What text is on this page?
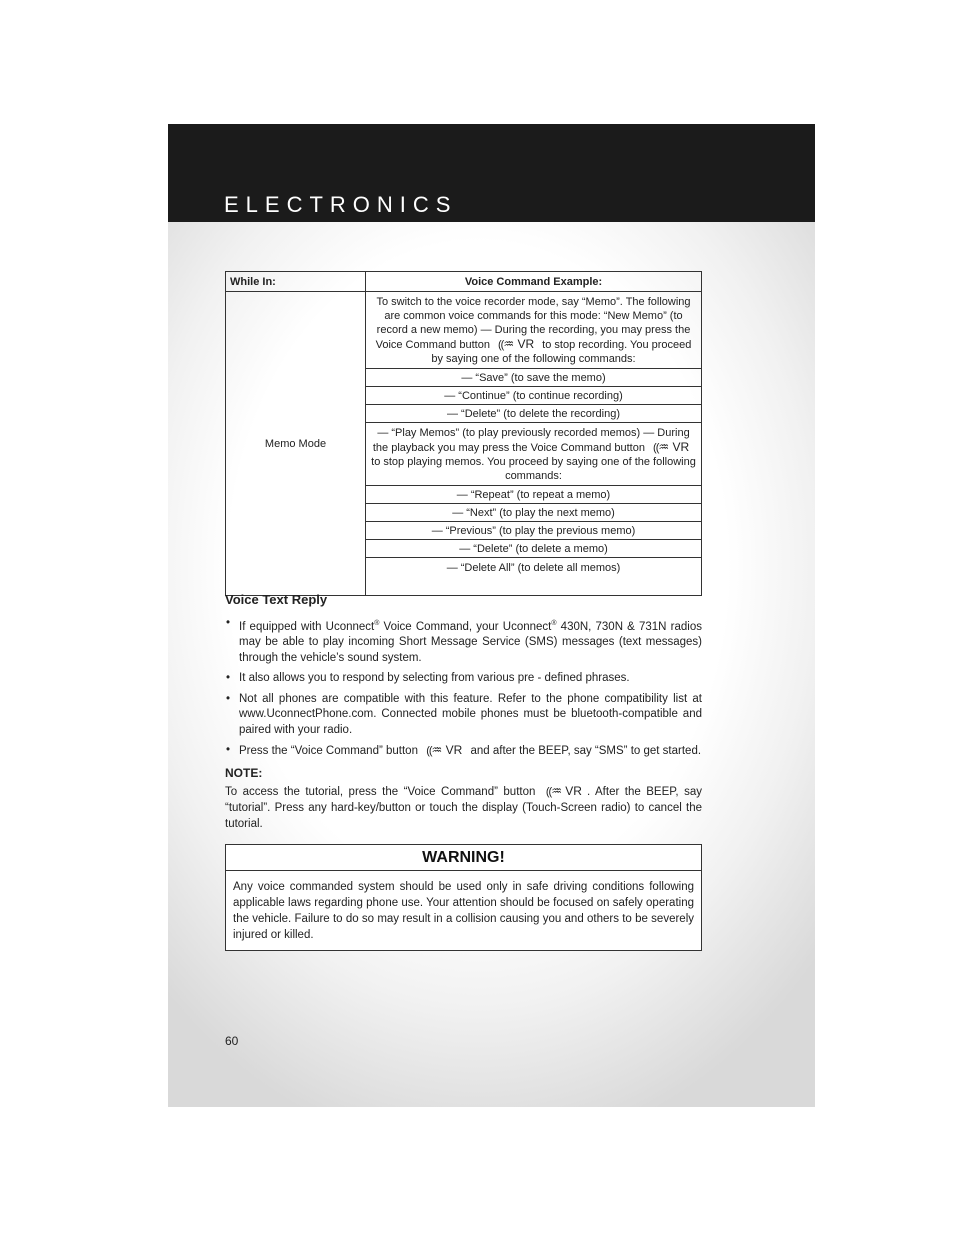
ELECTRONICS
While In:	Voice Command Example:
Memo Mode	To switch to the voice recorder mode, say “Memo”. The following are common voice commands for this mode: “New Memo” (to record a new memo) — During the recording, you may press the Voice Command button ((♒ VR to stop recording. You proceed by saying one of the following commands:
	— “Save” (to save the memo)
	— “Continue” (to continue recording)
	— “Delete” (to delete the recording)
	— “Play Memos” (to play previously recorded memos) — During the playback you may press the Voice Command button ((♒ VR to stop playing memos. You proceed by saying one of the following commands:
	— “Repeat” (to repeat a memo)
	— “Next” (to play the next memo)
	— “Previous” (to play the previous memo)
	— “Delete” (to delete a memo)
	— “Delete All” (to delete all memos)
Voice Text Reply
• If equipped with Uconnect® Voice Command, your Uconnect® 430N, 730N & 731N radios may be able to play incoming Short Message Service (SMS) messages (text messages) through the vehicle’s sound system.
• It also allows you to respond by selecting from various pre - defined phrases.
• Not all phones are compatible with this feature. Refer to the phone compatibility list at www.UconnectPhone.com. Connected mobile phones must be bluetooth-compatible and paired with your radio.
• Press the “Voice Command” button ((♒ VR and after the BEEP, say “SMS” to get started.
NOTE:
To access the tutorial, press the “Voice Command” button ((♒ VR . After the BEEP, say “tutorial”. Press any hard-key/button or touch the display (Touch-Screen radio) to cancel the tutorial.
WARNING!
Any voice commanded system should be used only in safe driving conditions following applicable laws regarding phone use. Your attention should be focused on safely operating the vehicle. Failure to do so may result in a collision causing you and others to be severely injured or killed.
60
